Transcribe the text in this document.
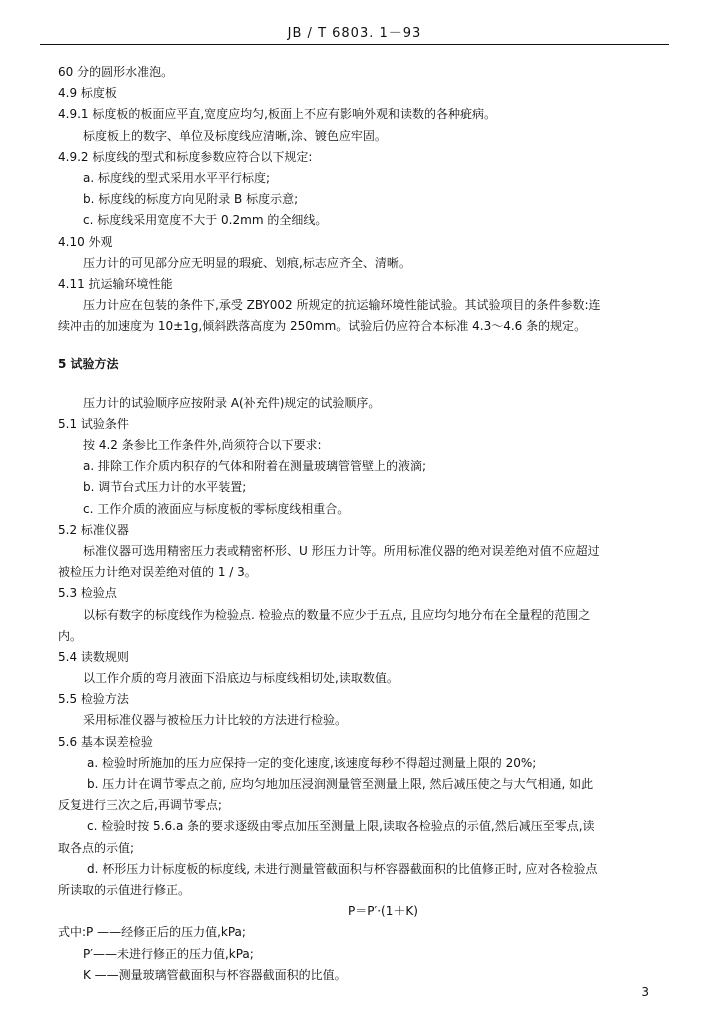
JB / T 6803. 1－93
60 分的圆形水准泡。
4.9 标度板
4.9.1 标度板的板面应平直,宽度应均匀,板面上不应有影响外观和读数的各种疵病。
标度板上的数字、单位及标度线应清晰,涂、镀色应牢固。
4.9.2 标度线的型式和标度参数应符合以下规定:
a. 标度线的型式采用水平平行标度;
b. 标度线的标度方向见附录 B 标度示意;
c. 标度线采用宽度不大于 0.2mm 的全细线。
4.10 外观
压力计的可见部分应无明显的瑕疵、划痕,标志应齐全、清晰。
4.11 抗运输环境性能
压力计应在包装的条件下,承受 ZBY002 所规定的抗运输环境性能试验。其试验项目的条件参数:连
续冲击的加速度为 10±1g,倾斜跌落高度为 250mm。试验后仍应符合本标准 4.3～4.6 条的规定。
5 试验方法
压力计的试验顺序应按附录 A(补充件)规定的试验顺序。
5.1 试验条件
按 4.2 条参比工作条件外,尚须符合以下要求:
a. 排除工作介质内积存的气体和附着在测量玻璃管管壁上的液滴;
b. 调节台式压力计的水平装置;
c. 工作介质的液面应与标度板的零标度线相重合。
5.2 标准仪器
标准仪器可选用精密压力表或精密杯形、U 形压力计等。所用标准仪器的绝对误差绝对值不应超过
被检压力计绝对误差绝对值的 1 / 3。
5.3 检验点
以标有数字的标度线作为检验点. 检验点的数量不应少于五点, 且应均匀地分布在全量程的范围之
内。
5.4 读数规则
以工作介质的弯月液面下沿底边与标度线相切处,读取数值。
5.5 检验方法
采用标准仪器与被检压力计比较的方法进行检验。
5.6 基本误差检验
a. 检验时所施加的压力应保持一定的变化速度,该速度每秒不得超过测量上限的 20%;
b. 压力计在调节零点之前, 应均匀地加压浸润测量管至测量上限, 然后减压使之与大气相通, 如此
反复进行三次之后,再调节零点;
c. 检验时按 5.6.a 条的要求逐级由零点加压至测量上限,读取各检验点的示值,然后减压至零点,读
取各点的示值;
d. 杯形压力计标度板的标度线, 未进行测量管截面积与杯容器截面积的比值修正时, 应对各检验点
所读取的示值进行修正。
P＝P′·(1＋K)
式中:P ——经修正后的压力值,kPa;
P′——未进行修正的压力值,kPa;
K ——测量玻璃管截面积与杯容器截面积的比值。
3
